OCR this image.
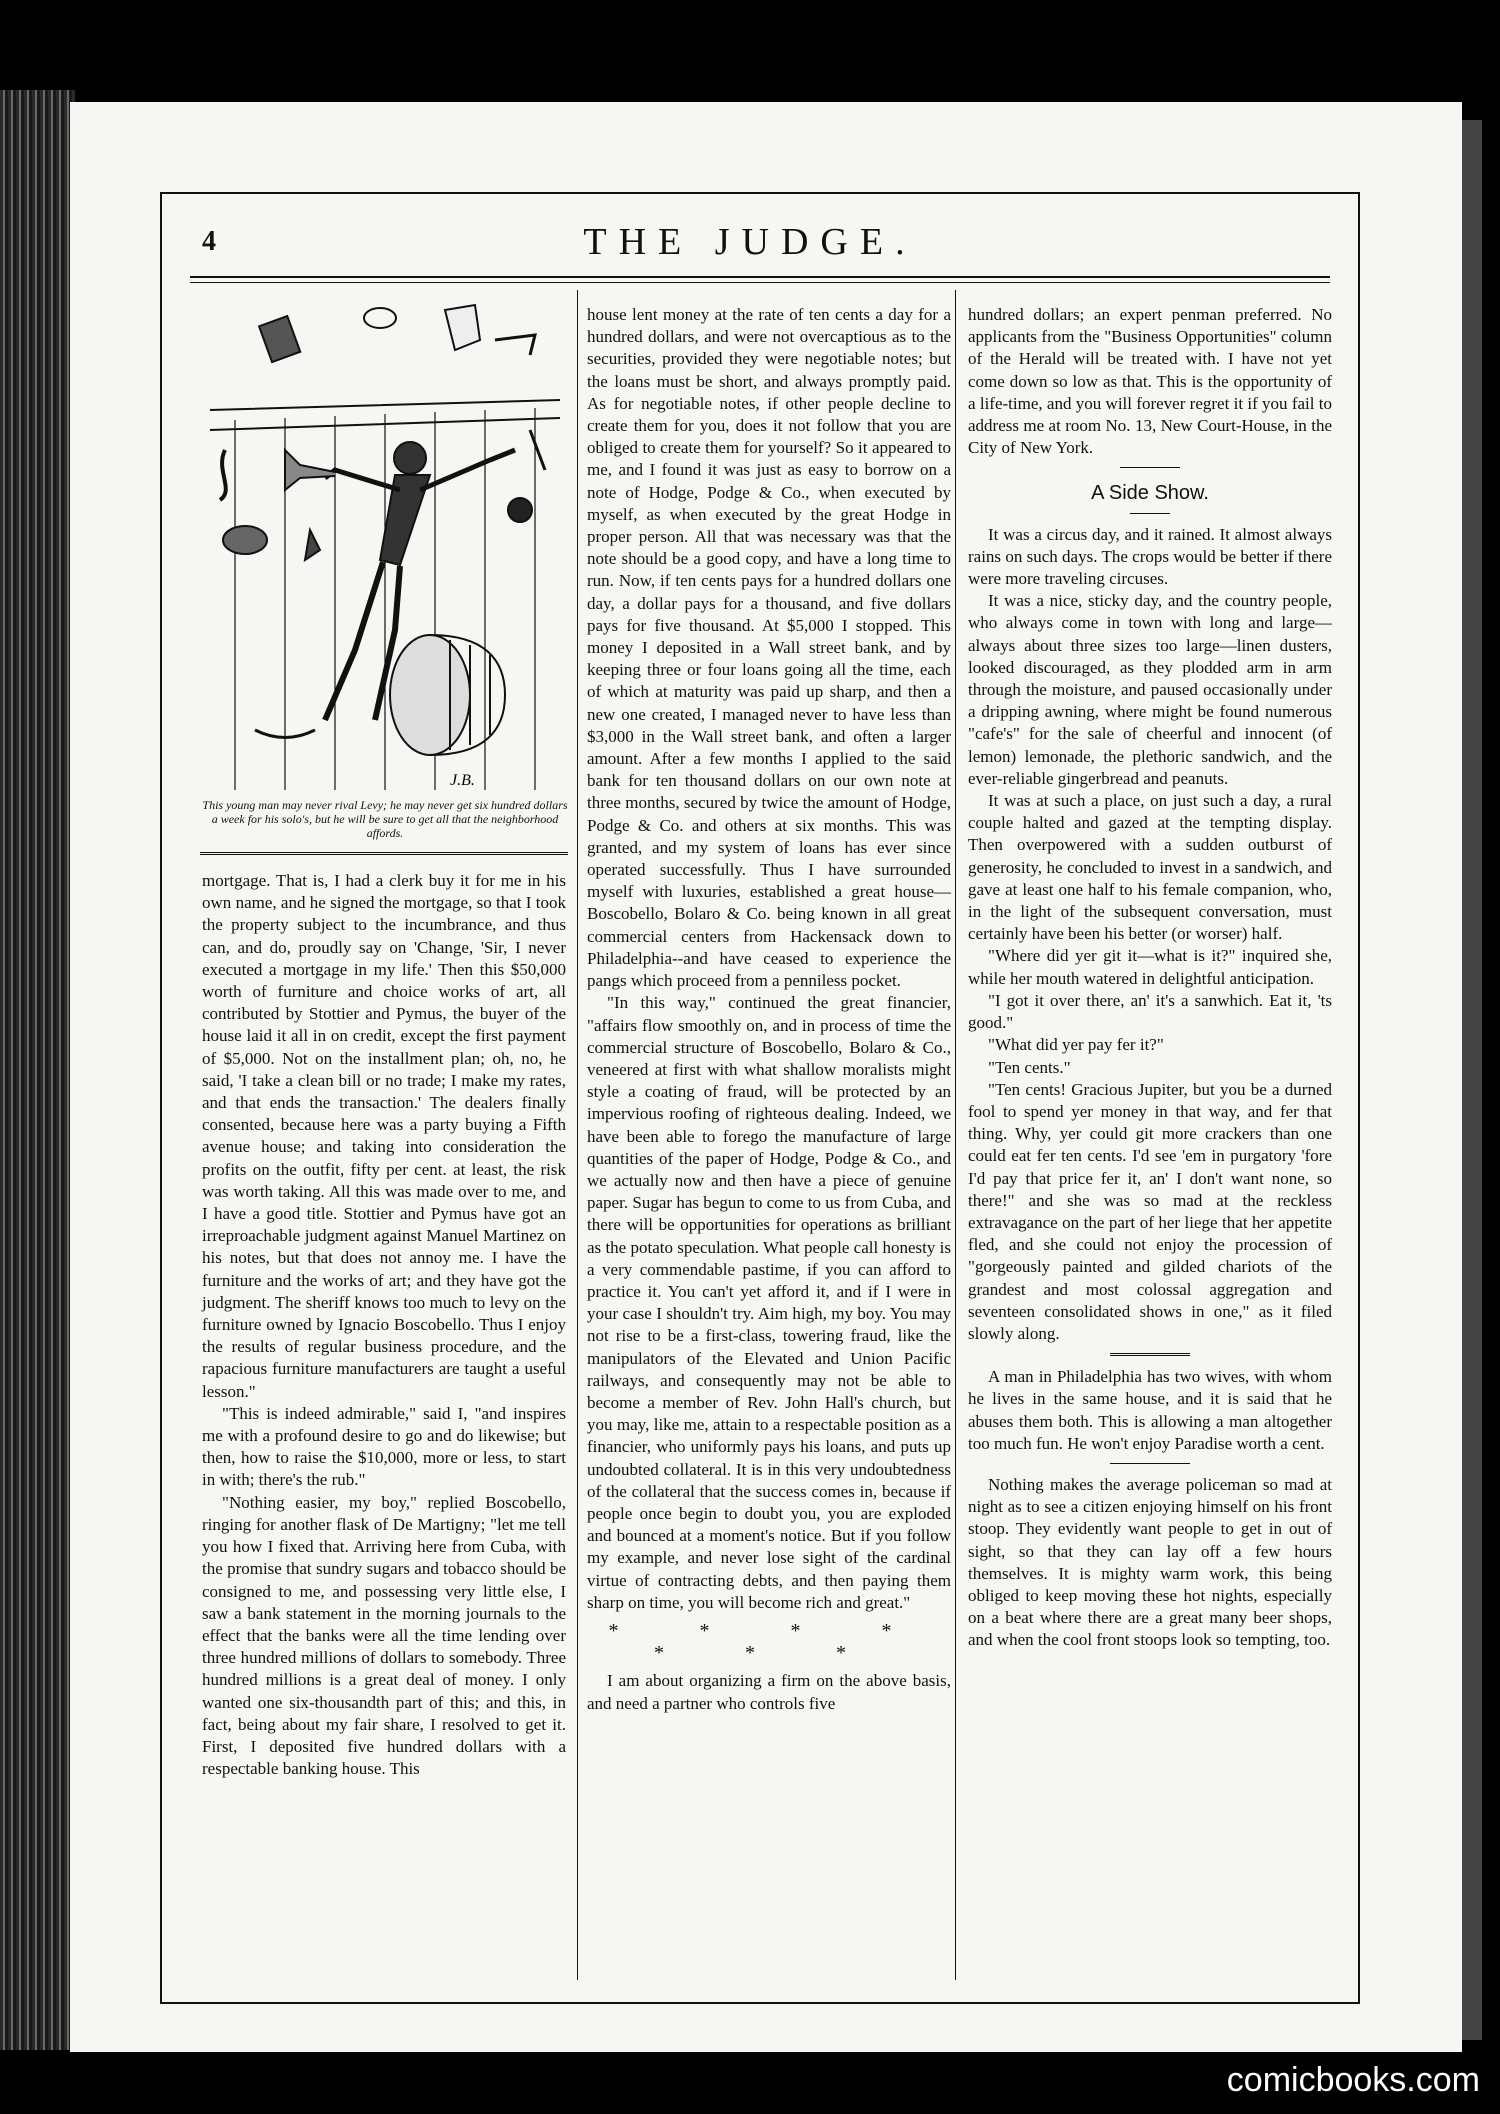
4	THE JUDGE.
J.B.
This young man may never rival Levy; he may never get six hundred dollars a week for his solo's, but he will be sure to get all that the neighborhood affords.

mortgage. That is, I had a clerk buy it for me in his own name, and he signed the mortgage, so that I took the property subject to the incumbrance, and thus can, and do, proudly say on 'Change, 'Sir, I never executed a mortgage in my life.' Then this $50,000 worth of furniture and choice works of art, all contributed by Stottier and Pymus, the buyer of the house laid it all in on credit, except the first payment of $5,000. Not on the installment plan; oh, no, he said, 'I take a clean bill or no trade; I make my rates, and that ends the transaction.' The dealers finally consented, because here was a party buying a Fifth avenue house; and taking into consideration the profits on the outfit, fifty per cent. at least, the risk was worth taking. All this was made over to me, and I have a good title. Stottier and Pymus have got an irreproachable judgment against Manuel Martinez on his notes, but that does not annoy me. I have the furniture and the works of art; and they have got the judgment. The sheriff knows too much to levy on the furniture owned by Ignacio Boscobello. Thus I enjoy the results of regular business procedure, and the rapacious furniture manufacturers are taught a useful lesson."

"This is indeed admirable," said I, "and inspires me with a profound desire to go and do likewise; but then, how to raise the $10,000, more or less, to start in with; there's the rub."

"Nothing easier, my boy," replied Boscobello, ringing for another flask of De Martigny; "let me tell you how I fixed that. Arriving here from Cuba, with the promise that sundry sugars and tobacco should be consigned to me, and possessing very little else, I saw a bank statement in the morning journals to the effect that the banks were all the time lending over three hundred millions of dollars to somebody. Three hundred millions is a great deal of money. I only wanted one six-thousandth part of this; and this, in fact, being about my fair share, I resolved to get it. First, I deposited five hundred dollars with a respectable banking house. This

house lent money at the rate of ten cents a day for a hundred dollars, and were not overcaptious as to the securities, provided they were negotiable notes; but the loans must be short, and always promptly paid. As for negotiable notes, if other people decline to create them for you, does it not follow that you are obliged to create them for yourself? So it appeared to me, and I found it was just as easy to borrow on a note of Hodge, Podge & Co., when executed by myself, as when executed by the great Hodge in proper person. All that was necessary was that the note should be a good copy, and have a long time to run. Now, if ten cents pays for a hundred dollars one day, a dollar pays for a thousand, and five dollars pays for five thousand. At $5,000 I stopped. This money I deposited in a Wall street bank, and by keeping three or four loans going all the time, each of which at maturity was paid up sharp, and then a new one created, I managed never to have less than $3,000 in the Wall street bank, and often a larger amount. After a few months I applied to the said bank for ten thousand dollars on our own note at three months, secured by twice the amount of Hodge, Podge & Co. and others at six months. This was granted, and my system of loans has ever since operated successfully. Thus I have surrounded myself with luxuries, established a great house—Boscobello, Bolaro & Co. being known in all great commercial centers from Hackensack down to Philadelphia--and have ceased to experience the pangs which proceed from a penniless pocket.

"In this way," continued the great financier, "affairs flow smoothly on, and in process of time the commercial structure of Boscobello, Bolaro & Co., veneered at first with what shallow moralists might style a coating of fraud, will be protected by an impervious roofing of righteous dealing. Indeed, we have been able to forego the manufacture of large quantities of the paper of Hodge, Podge & Co., and we actually now and then have a piece of genuine paper. Sugar has begun to come to us from Cuba, and there will be opportunities for operations as brilliant as the potato speculation. What people call honesty is a very commendable pastime, if you can afford to practice it. You can't yet afford it, and if I were in your case I shouldn't try. Aim high, my boy. You may not rise to be a first-class, towering fraud, like the manipulators of the Elevated and Union Pacific railways, and consequently may not be able to become a member of Rev. John Hall's church, but you may, like me, attain to a respectable position as a financier, who uniformly pays his loans, and puts up undoubted collateral. It is in this very undoubtedness of the collateral that the success comes in, because if people once begin to doubt you, you are exploded and bounced at a moment's notice. But if you follow my example, and never lose sight of the cardinal virtue of contracting debts, and then paying them sharp on time, you will become rich and great."

* * * * * * *

I am about organizing a firm on the above basis, and need a partner who controls five

hundred dollars; an expert penman preferred. No applicants from the "Business Opportunities" column of the Herald will be treated with. I have not yet come down so low as that. This is the opportunity of a life-time, and you will forever regret it if you fail to address me at room No. 13, New Court-House, in the City of New York.

A Side Show.

It was a circus day, and it rained. It almost always rains on such days. The crops would be better if there were more traveling circuses.

It was a nice, sticky day, and the country people, who always come in town with long and large—always about three sizes too large—linen dusters, looked discouraged, as they plodded arm in arm through the moisture, and paused occasionally under a dripping awning, where might be found numerous "cafe's" for the sale of cheerful and innocent (of lemon) lemonade, the plethoric sandwich, and the ever-reliable gingerbread and peanuts.

It was at such a place, on just such a day, a rural couple halted and gazed at the tempting display. Then overpowered with a sudden outburst of generosity, he concluded to invest in a sandwich, and gave at least one half to his female companion, who, in the light of the subsequent conversation, must certainly have been his better (or worser) half.

"Where did yer git it—what is it?" inquired she, while her mouth watered in delightful anticipation.

"I got it over there, an' it's a sanwhich. Eat it, 'ts good."

"What did yer pay fer it?"

"Ten cents."

"Ten cents! Gracious Jupiter, but you be a durned fool to spend yer money in that way, and fer that thing. Why, yer could git more crackers than one could eat fer ten cents. I'd see 'em in purgatory 'fore I'd pay that price fer it, an' I don't want none, so there!" and she was so mad at the reckless extravagance on the part of her liege that her appetite fled, and she could not enjoy the procession of "gorgeously painted and gilded chariots of the grandest and most colossal aggregation and seventeen consolidated shows in one," as it filed slowly along.

A man in Philadelphia has two wives, with whom he lives in the same house, and it is said that he abuses them both. This is allowing a man altogether too much fun. He won't enjoy Paradise worth a cent.

Nothing makes the average policeman so mad at night as to see a citizen enjoying himself on his front stoop. They evidently want people to get in out of sight, so that they can lay off a few hours themselves. It is mighty warm work, this being obliged to keep moving these hot nights, especially on a beat where there are a great many beer shops, and when the cool front stoops look so tempting, too.

comicbooks.com
